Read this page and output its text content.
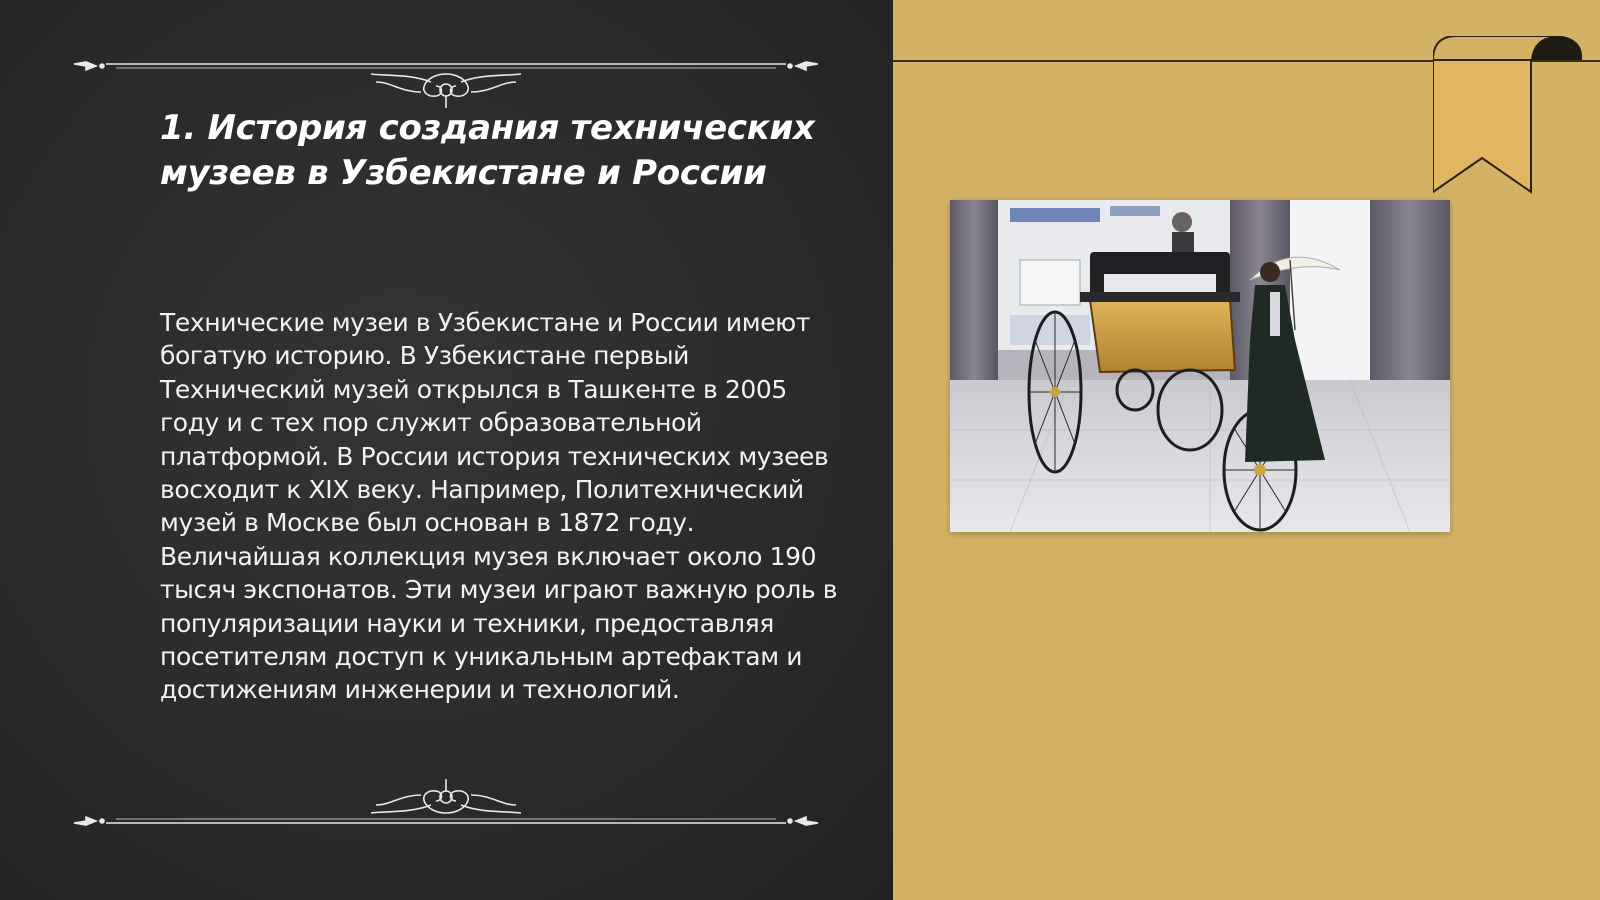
1. История создания технических музеев в Узбекистане и России

Технические музеи в Узбекистане и России имеют богатую историю. В Узбекистане первый Технический музей открылся в Ташкенте в 2005 году и с тех пор служит образовательной платформой. В России история технических музеев восходит к XIX веку. Например, Политехнический музей в Москве был основан в 1872 году. Величайшая коллекция музея включает около 190 тысяч экспонатов. Эти музеи играют важную роль в популяризации науки и техники, предоставляя посетителям доступ к уникальным артефактам и достижениям инженерии и технологий.
